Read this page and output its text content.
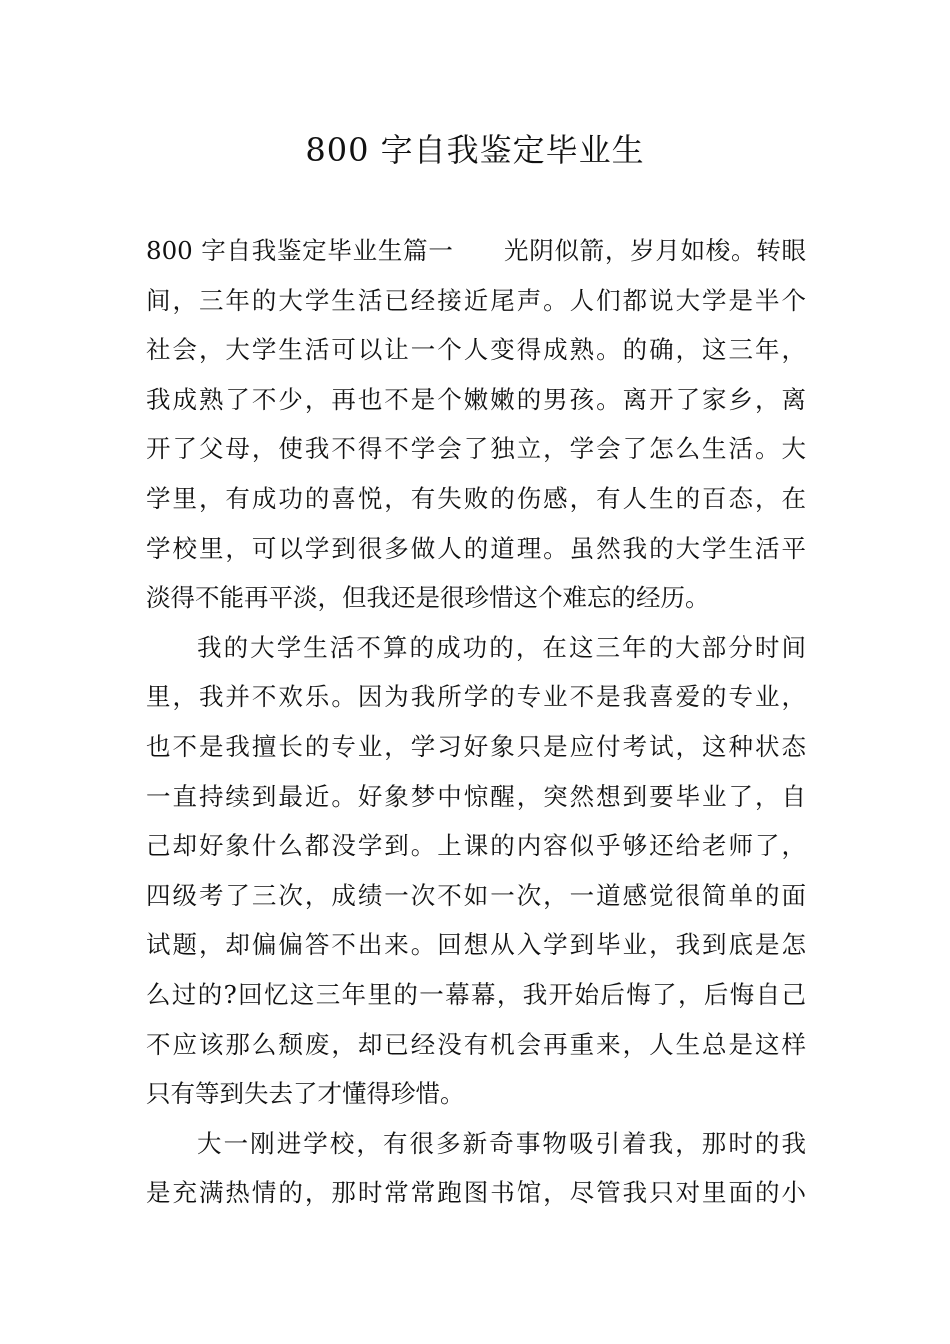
800 字自我鉴定毕业生
800 字自我鉴定毕业生篇一　　光阴似箭，岁月如梭。转眼
间，三年的大学生活已经接近尾声。人们都说大学是半个
社会，大学生活可以让一个人变得成熟。的确，这三年，
我成熟了不少，再也不是个嫩嫩的男孩。离开了家乡，离
开了父母，使我不得不学会了独立，学会了怎么生活。大
学里，有成功的喜悦，有失败的伤感，有人生的百态，在
学校里，可以学到很多做人的道理。虽然我的大学生活平
淡得不能再平淡，但我还是很珍惜这个难忘的经历。
我的大学生活不算的成功的，在这三年的大部分时间
里，我并不欢乐。因为我所学的专业不是我喜爱的专业，
也不是我擅长的专业，学习好象只是应付考试，这种状态
一直持续到最近。好象梦中惊醒，突然想到要毕业了，自
己却好象什么都没学到。上课的内容似乎够还给老师了，
四级考了三次，成绩一次不如一次，一道感觉很简单的面
试题，却偏偏答不出来。回想从入学到毕业，我到底是怎
么过的?回忆这三年里的一幕幕，我开始后悔了，后悔自己
不应该那么颓废，却已经没有机会再重来，人生总是这样
只有等到失去了才懂得珍惜。
大一刚进学校，有很多新奇事物吸引着我，那时的我
是充满热情的，那时常常跑图书馆，尽管我只对里面的小
